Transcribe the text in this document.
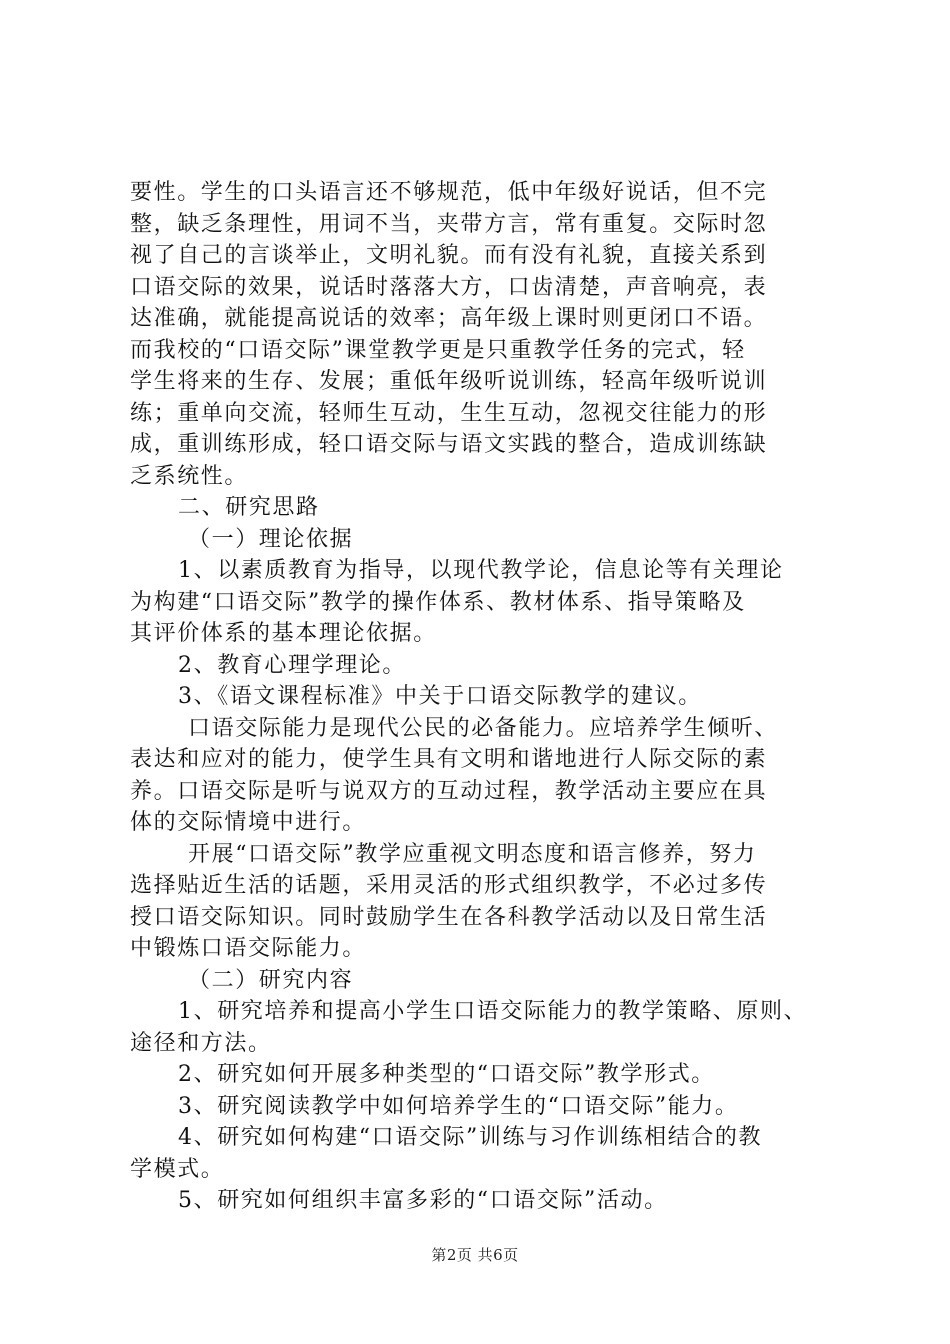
要性。学生的口头语言还不够规范，低中年级好说话，但不完
整，缺乏条理性，用词不当，夹带方言，常有重复。交际时忽
视了自己的言谈举止，文明礼貌。而有没有礼貌，直接关系到
口语交际的效果，说话时落落大方，口齿清楚，声音响亮，表
达准确，就能提高说话的效率；高年级上课时则更闭口不语。
而我校的“口语交际”课堂教学更是只重教学任务的完式，轻
学生将来的生存、发展；重低年级听说训练，轻高年级听说训
练；重单向交流，轻师生互动，生生互动，忽视交往能力的形
成，重训练形成，轻口语交际与语文实践的整合，造成训练缺
乏系统性。
二、研究思路
（一）理论依据
1、以素质教育为指导，以现代教学论，信息论等有关理论
为构建“口语交际”教学的操作体系、教材体系、指导策略及
其评价体系的基本理论依据。
2、教育心理学理论。
3、《语文课程标准》中关于口语交际教学的建议。
口语交际能力是现代公民的必备能力。应培养学生倾听、
表达和应对的能力，使学生具有文明和谐地进行人际交际的素
养。口语交际是听与说双方的互动过程，教学活动主要应在具
体的交际情境中进行。
开展“口语交际”教学应重视文明态度和语言修养，努力
选择贴近生活的话题，采用灵活的形式组织教学，不必过多传
授口语交际知识。同时鼓励学生在各科教学活动以及日常生活
中锻炼口语交际能力。
（二）研究内容
1、研究培养和提高小学生口语交际能力的教学策略、原则、
途径和方法。
2、研究如何开展多种类型的“口语交际”教学形式。
3、研究阅读教学中如何培养学生的“口语交际”能力。
4、研究如何构建“口语交际”训练与习作训练相结合的教
学模式。
5、研究如何组织丰富多彩的“口语交际”活动。
第2页 共6页
